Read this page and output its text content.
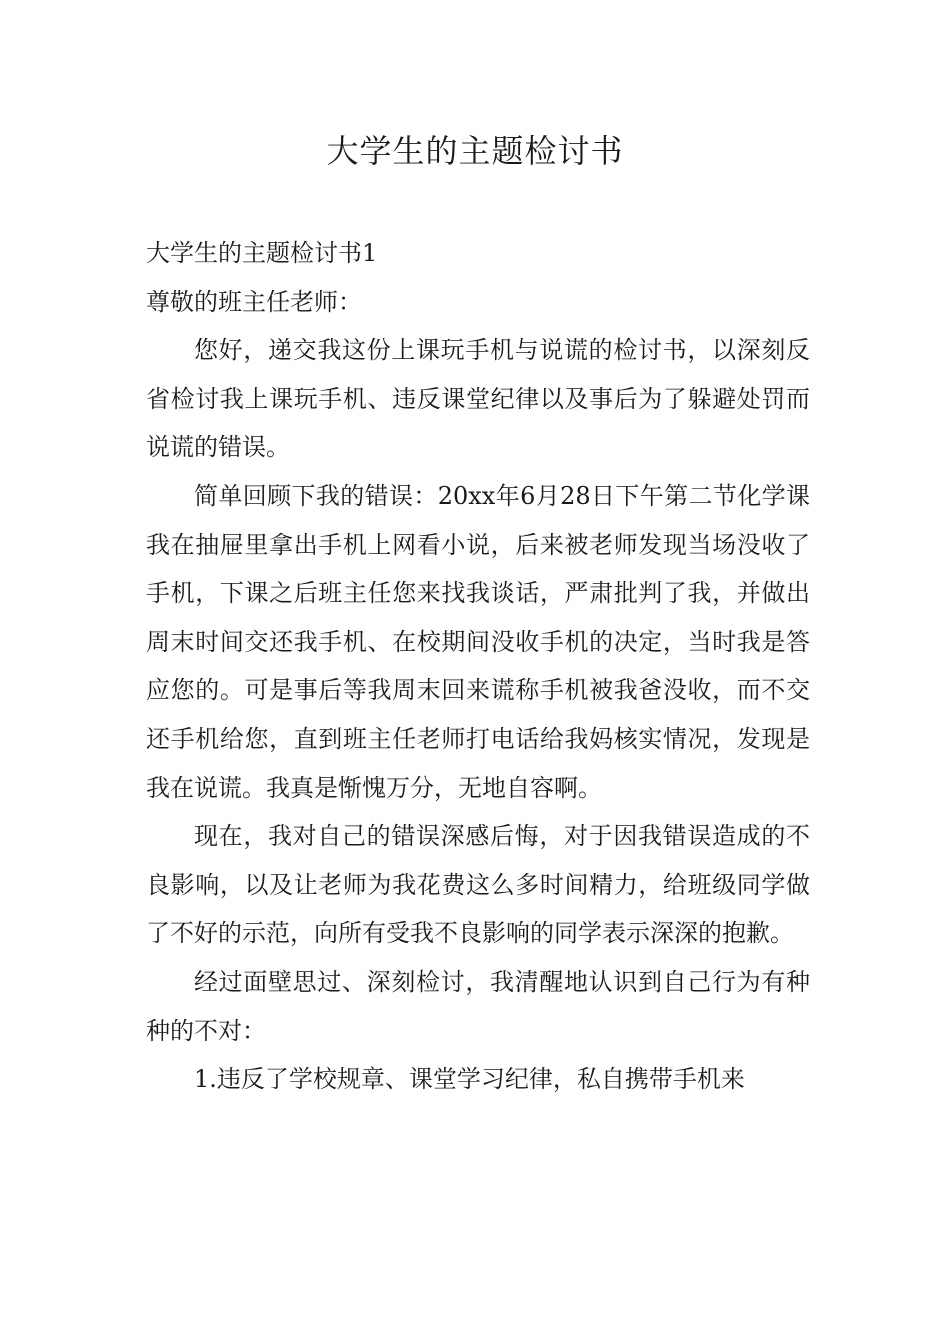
大学生的主题检讨书

大学生的主题检讨书1

尊敬的班主任老师：

您好，递交我这份上课玩手机与说谎的检讨书，以深刻反省检讨我上课玩手机、违反课堂纪律以及事后为了躲避处罚而说谎的错误。

简单回顾下我的错误：20xx年6月28日下午第二节化学课我在抽屉里拿出手机上网看小说，后来被老师发现当场没收了手机，下课之后班主任您来找我谈话，严肃批判了我，并做出周末时间交还我手机、在校期间没收手机的决定，当时我是答应您的。可是事后等我周末回来谎称手机被我爸没收，而不交还手机给您，直到班主任老师打电话给我妈核实情况，发现是我在说谎。我真是惭愧万分，无地自容啊。

现在，我对自己的错误深感后悔，对于因我错误造成的不良影响，以及让老师为我花费这么多时间精力，给班级同学做了不好的示范，向所有受我不良影响的同学表示深深的抱歉。

经过面壁思过、深刻检讨，我清醒地认识到自己行为有种种的不对：

1.违反了学校规章、课堂学习纪律，私自携带手机来
